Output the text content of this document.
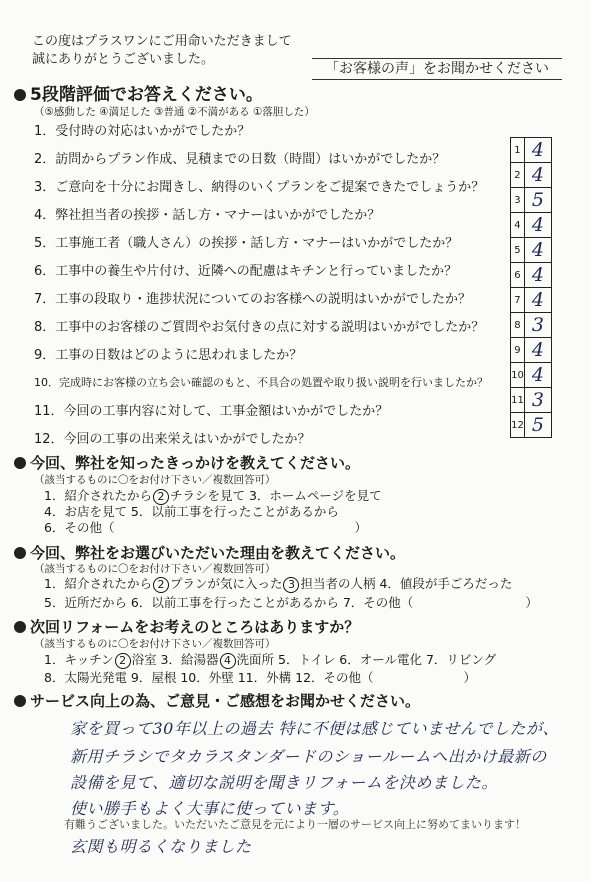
この度はプラスワンにご用命いただきまして
誠にありがとうございました。
「お客様の声」をお聞かせください
5段階評価でお答えください。
（⑤感動した ④満足した ③普通 ②不満がある ①落胆した）
1．受付時の対応はいかがでしたか？
2．訪問からプラン作成、見積までの日数（時間）はいかがでしたか？
3．ご意向を十分にお聞きし、納得のいくプランをご提案できたでしょうか？
4．弊社担当者の挨拶・話し方・マナーはいかがでしたか？
5．工事施工者（職人さん）の挨拶・話し方・マナーはいかがでしたか？
6．工事中の養生や片付け、近隣への配慮はキチンと行っていましたか？
7．工事の段取り・進捗状況についてのお客様への説明はいかがでしたか？
8．工事中のお客様のご質問やお気付きの点に対する説明はいかがでしたか？
9．工事の日数はどのように思われましたか？
10．完成時にお客様の立ち会い確認のもと、不具合の処置や取り扱い説明を行いましたか？
11．今回の工事内容に対して、工事金額はいかがでしたか？
12．今回の工事の出来栄えはいかがでしたか？
1	4
2	4
3	5
4	4
5	4
6	4
7	4
8	3
9	4
10	4
11	3
12	5
今回、弊社を知ったきっかけを教えてください。
（該当するものに〇をお付け下さい／複数回答可）
1．紹介されたから 2 チラシを見て 3．ホームページを見て
4．お店を見て 5．以前工事を行ったことがあるから
6．その他（	）
今回、弊社をお選びいただいた理由を教えてください。
（該当するものに〇をお付け下さい／複数回答可）
1．紹介されたから 2 プランが気に入った 3 担当者の人柄 4．値段が手ごろだった
5．近所だから 6．以前工事を行ったことがあるから 7．その他（	）
次回リフォームをお考えのところはありますか？
（該当するものに〇をお付け下さい／複数回答可）
1．キッチン 2 浴室 3．給湯器 4 洗面所 5．トイレ 6．オール電化 7．リビング
8．太陽光発電 9．屋根 10．外壁 11．外構 12．その他（	）
サービス向上の為、ご意見・ご感想をお聞かせください。
家を買って30年以上の過去 特に不便は感じていませんでしたが、
新用チラシでタカラスタンダードのショールームへ出かけ最新の
設備を見て、適切な説明を聞きリフォームを決めました。
使い勝手もよく大事に使っています。
有難うございました。いただいたご意見を元により一層のサービス向上に努めてまいります！
玄関も明るくなりました
